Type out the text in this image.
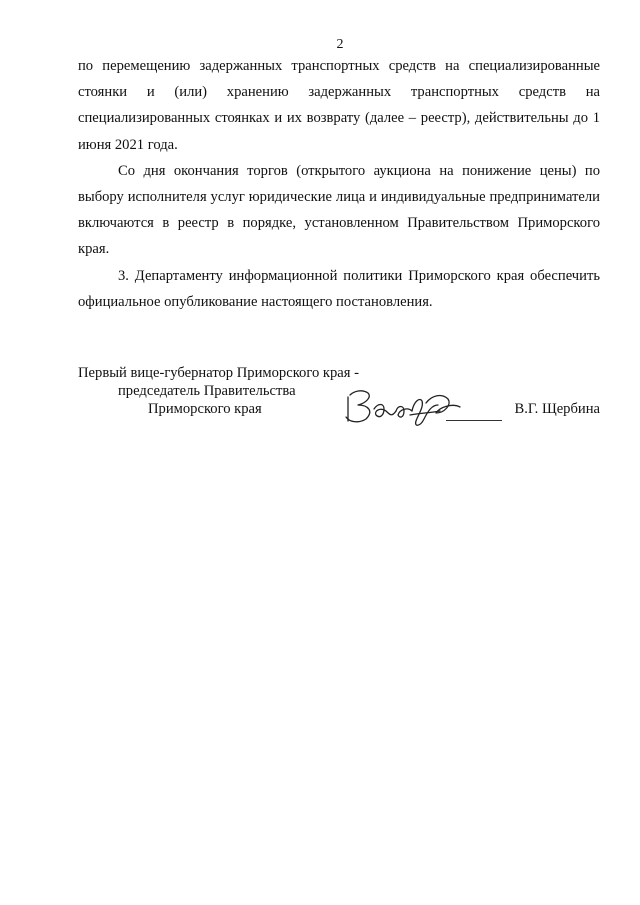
2

по перемещению задержанных транспортных средств на специализированные стоянки и (или) хранению задержанных транспортных средств на специализированных стоянках и их возврату (далее – реестр), действительны до 1 июня 2021 года.

Со дня окончания торгов (открытого аукциона на понижение цены) по выбору исполнителя услуг юридические лица и индивидуальные предприниматели включаются в реестр в порядке, установленном Правительством Приморского края.

3. Департаменту информационной политики Приморского края обеспечить официальное опубликование настоящего постановления.

Первый вице-губернатор Приморского края -
председатель Правительства
Приморского края	В.Г. Щербина
